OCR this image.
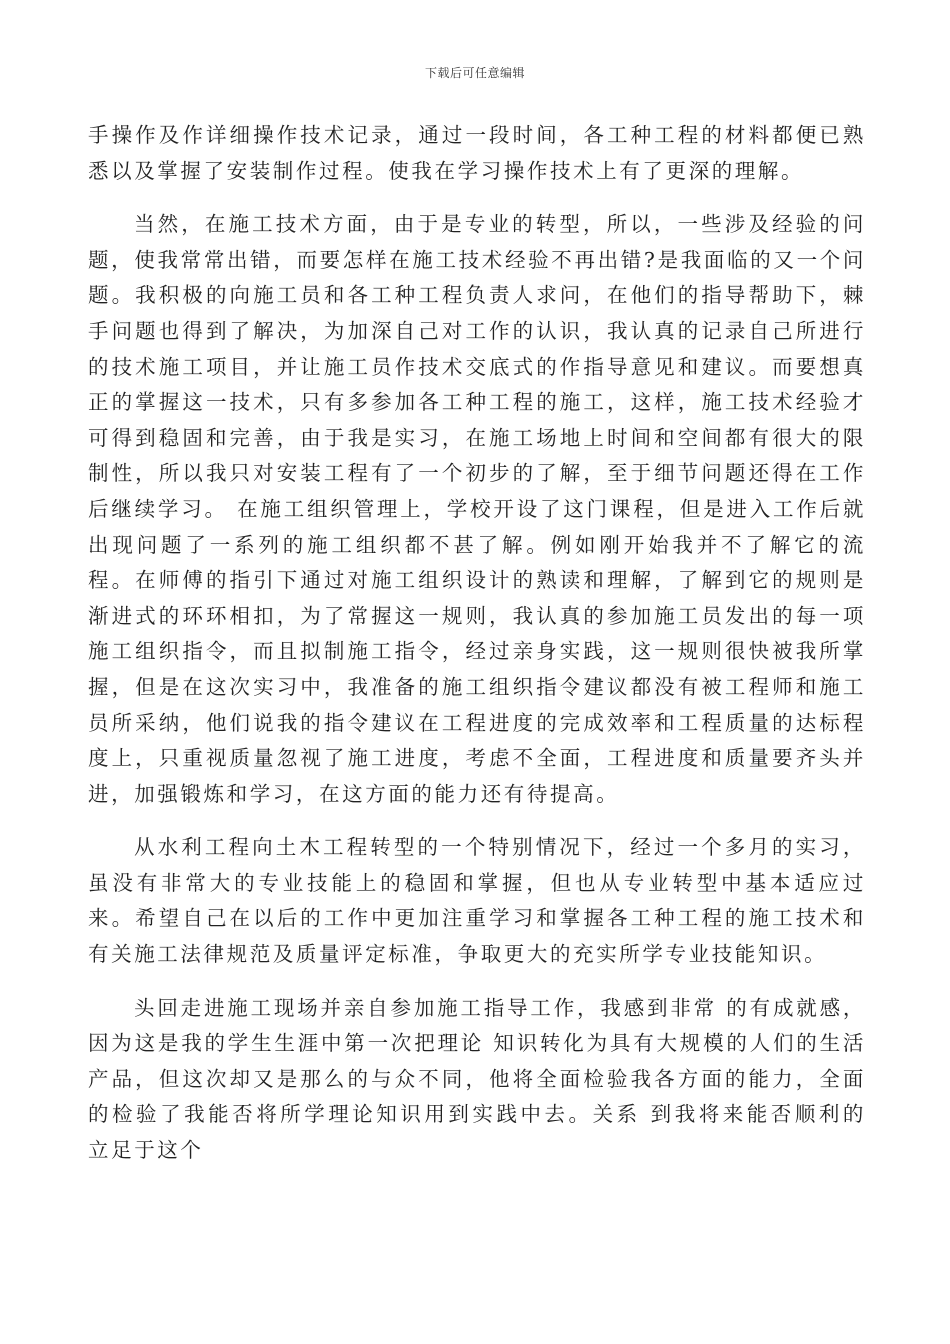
下载后可任意编辑

手操作及作详细操作技术记录，通过一段时间，各工种工程的材料都便已熟悉以及掌握了安装制作过程。使我在学习操作技术上有了更深的理解。

当然，在施工技术方面，由于是专业的转型，所以，一些涉及经验的问题，使我常常出错，而要怎样在施工技术经验不再出错?是我面临的又一个问题。我积极的向施工员和各工种工程负责人求问，在他们的指导帮助下，棘手问题也得到了解决，为加深自己对工作的认识，我认真的记录自己所进行的技术施工项目，并让施工员作技术交底式的作指导意见和建议。而要想真正的掌握这一技术，只有多参加各工种工程的施工，这样，施工技术经验才可得到稳固和完善，由于我是实习，在施工场地上时间和空间都有很大的限制性，所以我只对安装工程有了一个初步的了解，至于细节问题还得在工作后继续学习。 在施工组织管理上，学校开设了这门课程，但是进入工作后就出现问题了一系列的施工组织都不甚了解。例如刚开始我并不了解它的流程。在师傅的指引下通过对施工组织设计的熟读和理解，了解到它的规则是渐进式的环环相扣，为了常握这一规则，我认真的参加施工员发出的每一项施工组织指令，而且拟制施工指令，经过亲身实践，这一规则很快被我所掌握，但是在这次实习中，我准备的施工组织指令建议都没有被工程师和施工员所采纳，他们说我的指令建议在工程进度的完成效率和工程质量的达标程度上，只重视质量忽视了施工进度，考虑不全面，工程进度和质量要齐头并进，加强锻炼和学习，在这方面的能力还有待提高。

从水利工程向土木工程转型的一个特别情况下，经过一个多月的实习，虽没有非常大的专业技能上的稳固和掌握，但也从专业转型中基本适应过来。希望自己在以后的工作中更加注重学习和掌握各工种工程的施工技术和有关施工法律规范及质量评定标准，争取更大的充实所学专业技能知识。

头回走进施工现场并亲自参加施工指导工作，我感到非常 的有成就感，因为这是我的学生生涯中第一次把理论 知识转化为具有大规模的人们的生活产品，但这次却又是那么的与众不同，他将全面检验我各方面的能力，全面的检验了我能否将所学理论知识用到实践中去。关系 到我将来能否顺利的 立足于这个
